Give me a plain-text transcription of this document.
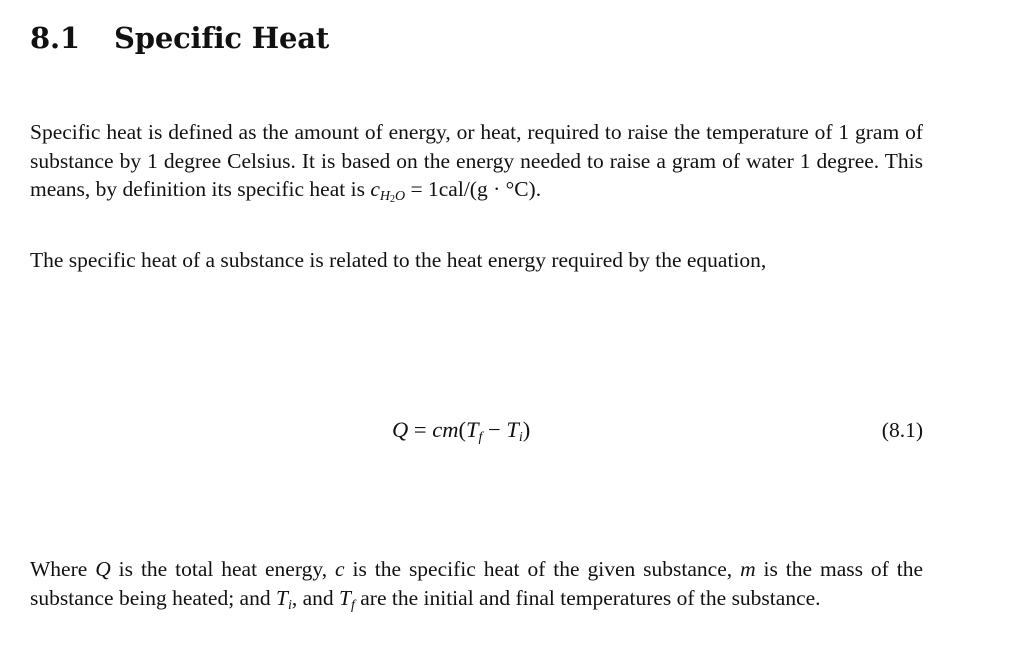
8.1 Specific Heat

Specific heat is defined as the amount of energy, or heat, required to raise the temperature of 1 gram of substance by 1 degree Celsius. It is based on the energy needed to raise a gram of water 1 degree. This means, by definition its specific heat is $c_{H2O} = 1cal/(g \cdot ^\circ C)$.

The specific heat of a substance is related to the heat energy required by the equation,

$Q = cm(T_f - T_i)$	(8.1)

Where Q is the total heat energy, c is the specific heat of the given substance, m is the mass of the substance being heated; and $T_i$, and $T_f$ are the initial and final temperatures of the substance.
